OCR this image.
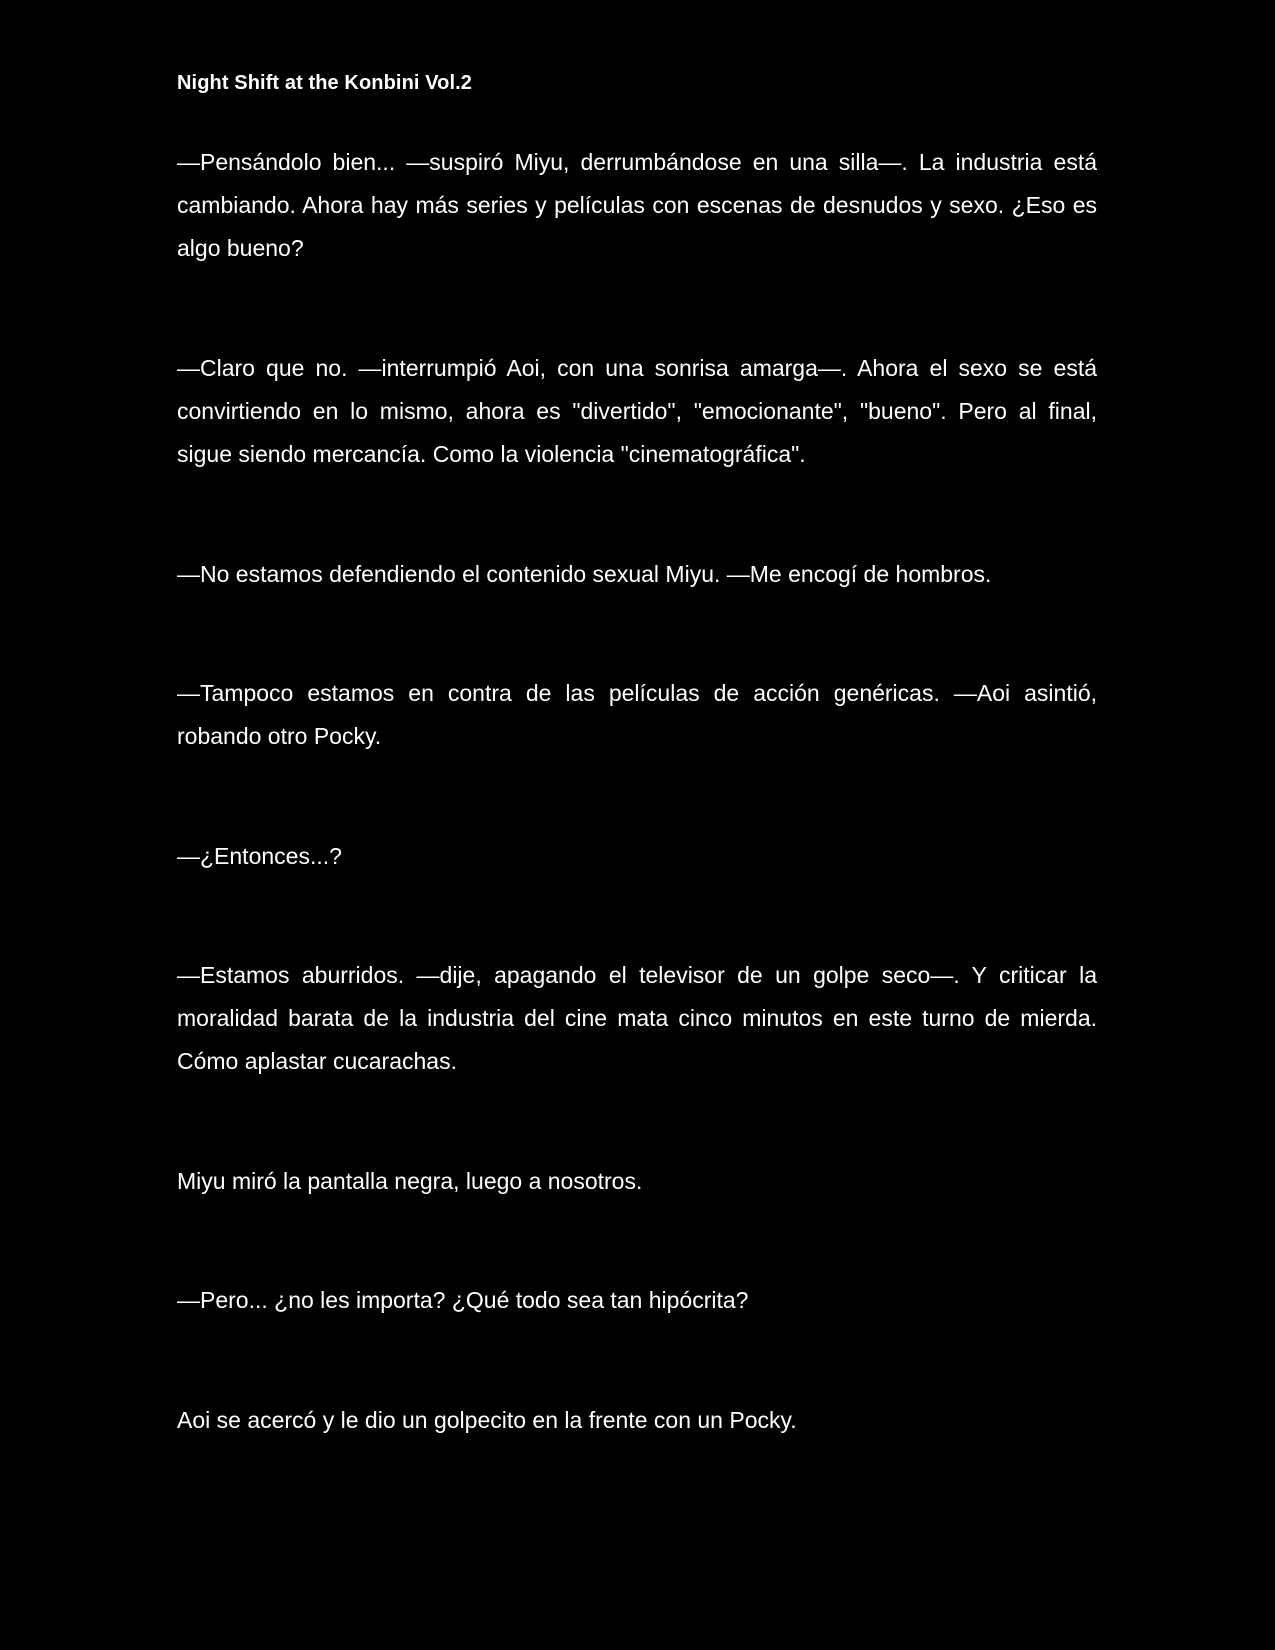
Night Shift at the Konbini Vol.2

—Pensándolo bien... —suspiró Miyu, derrumbándose en una silla—. La industria está cambiando. Ahora hay más series y películas con escenas de desnudos y sexo. ¿Eso es algo bueno?

—Claro que no. —interrumpió Aoi, con una sonrisa amarga—. Ahora el sexo se está convirtiendo en lo mismo, ahora es "divertido", "emocionante", "bueno". Pero al final, sigue siendo mercancía. Como la violencia "cinematográfica".

—No estamos defendiendo el contenido sexual Miyu. —Me encogí de hombros.

—Tampoco estamos en contra de las películas de acción genéricas. —Aoi asintió, robando otro Pocky.

—¿Entonces...?

—Estamos aburridos. —dije, apagando el televisor de un golpe seco—. Y criticar la moralidad barata de la industria del cine mata cinco minutos en este turno de mierda. Cómo aplastar cucarachas.

Miyu miró la pantalla negra, luego a nosotros.

—Pero... ¿no les importa? ¿Qué todo sea tan hipócrita?

Aoi se acercó y le dio un golpecito en la frente con un Pocky.
